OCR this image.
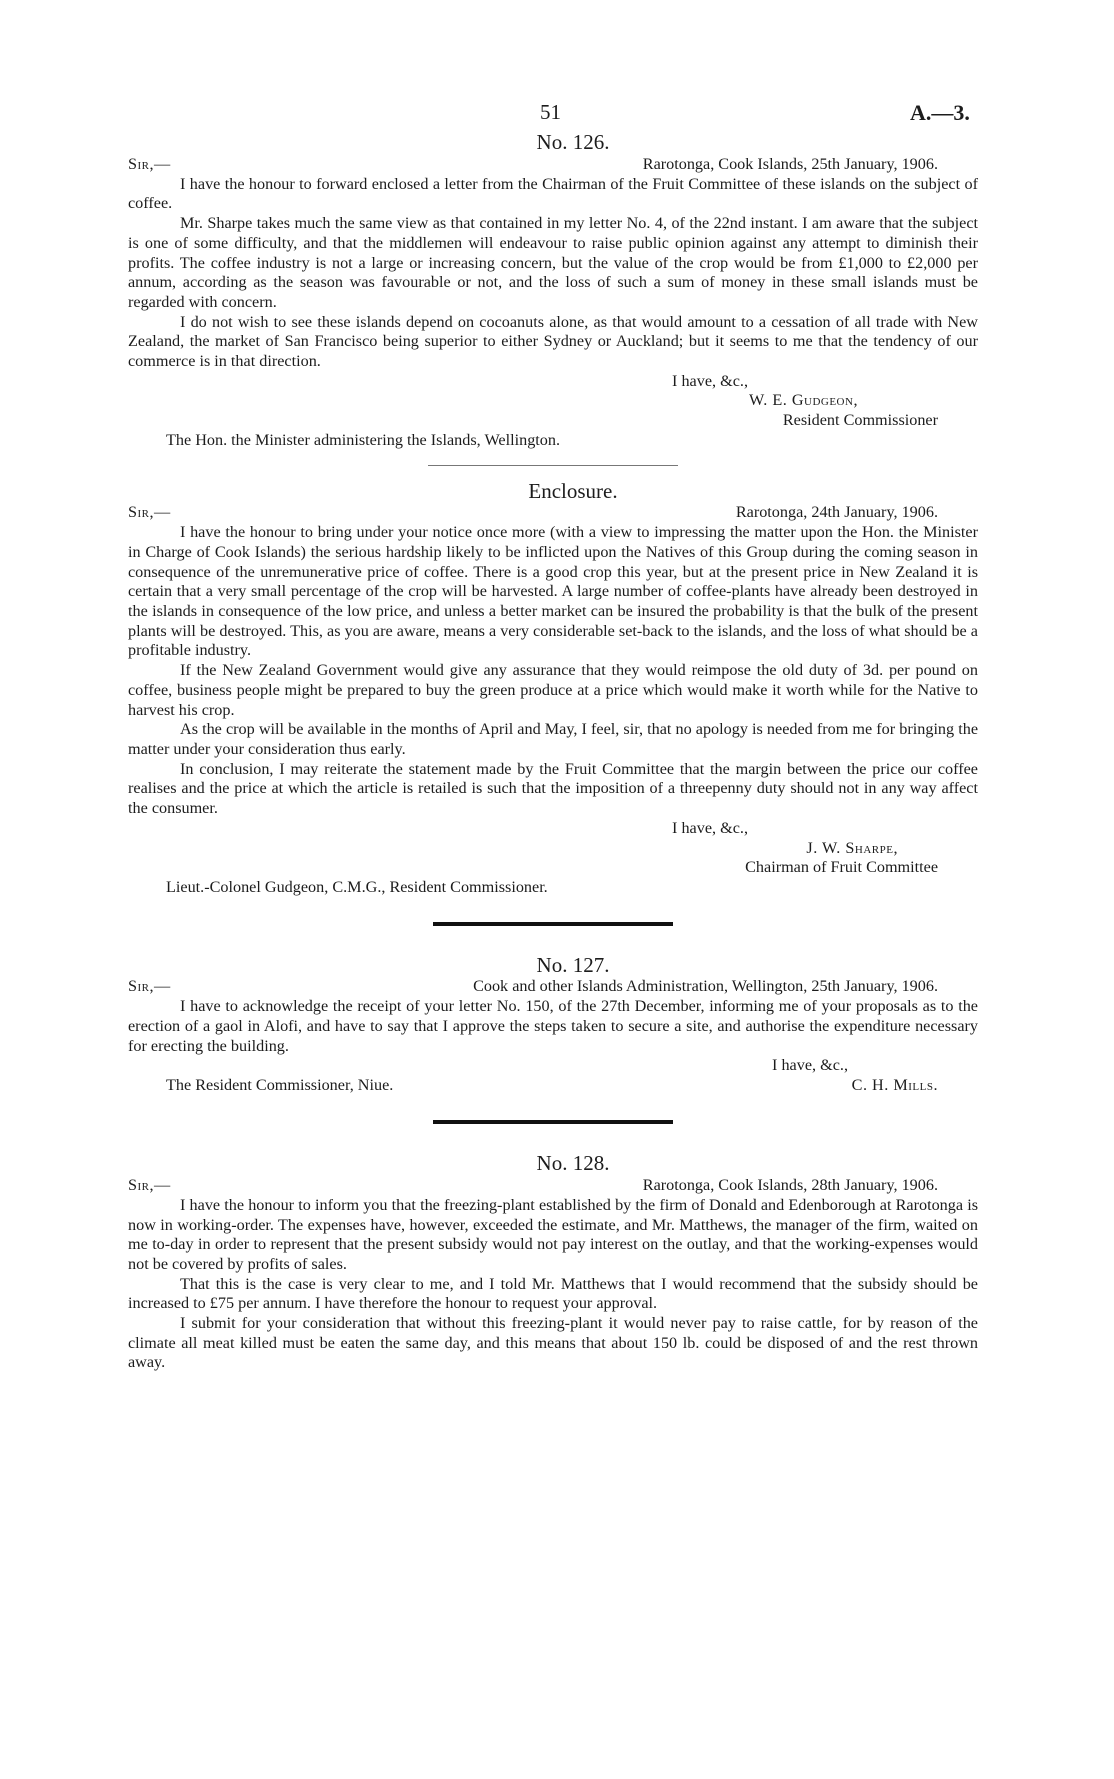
51	A.—3.
No. 126.
Sir,—	Rarotonga, Cook Islands, 25th January, 1906.

I have the honour to forward enclosed a letter from the Chairman of the Fruit Committee of these islands on the subject of coffee.

Mr. Sharpe takes much the same view as that contained in my letter No. 4, of the 22nd instant. I am aware that the subject is one of some difficulty, and that the middlemen will endeavour to raise public opinion against any attempt to diminish their profits. The coffee industry is not a large or increasing concern, but the value of the crop would be from £1,000 to £2,000 per annum, according as the season was favourable or not, and the loss of such a sum of money in these small islands must be regarded with concern.

I do not wish to see these islands depend on cocoanuts alone, as that would amount to a cessation of all trade with New Zealand, the market of San Francisco being superior to either Sydney or Auckland; but it seems to me that the tendency of our commerce is in that direction.

I have, &c.,
W. E. Gudgeon,
Resident Commissioner
The Hon. the Minister administering the Islands, Wellington.
Enclosure.
Sir,—	Rarotonga, 24th January, 1906.

I have the honour to bring under your notice once more (with a view to impressing the matter upon the Hon. the Minister in Charge of Cook Islands) the serious hardship likely to be inflicted upon the Natives of this Group during the coming season in consequence of the unremunerative price of coffee. There is a good crop this year, but at the present price in New Zealand it is certain that a very small percentage of the crop will be harvested. A large number of coffee-plants have already been destroyed in the islands in consequence of the low price, and unless a better market can be insured the probability is that the bulk of the present plants will be destroyed. This, as you are aware, means a very considerable set-back to the islands, and the loss of what should be a profitable industry.

If the New Zealand Government would give any assurance that they would reimpose the old duty of 3d. per pound on coffee, business people might be prepared to buy the green produce at a price which would make it worth while for the Native to harvest his crop.

As the crop will be available in the months of April and May, I feel, sir, that no apology is needed from me for bringing the matter under your consideration thus early.

In conclusion, I may reiterate the statement made by the Fruit Committee that the margin between the price our coffee realises and the price at which the article is retailed is such that the imposition of a threepenny duty should not in any way affect the consumer.

I have, &c.,
J. W. Sharpe,
Chairman of Fruit Committee
Lieut.-Colonel Gudgeon, C.M.G., Resident Commissioner.
No. 127.
Sir,—	Cook and other Islands Administration, Wellington, 25th January, 1906.

I have to acknowledge the receipt of your letter No. 150, of the 27th December, informing me of your proposals as to the erection of a gaol in Alofi, and have to say that I approve the steps taken to secure a site, and authorise the expenditure necessary for erecting the building.

I have, &c.,
The Resident Commissioner, Niue.	C. H. Mills.
No. 128.
Sir,—	Rarotonga, Cook Islands, 28th January, 1906.

I have the honour to inform you that the freezing-plant established by the firm of Donald and Edenborough at Rarotonga is now in working-order. The expenses have, however, exceeded the estimate, and Mr. Matthews, the manager of the firm, waited on me to-day in order to represent that the present subsidy would not pay interest on the outlay, and that the working-expenses would not be covered by profits of sales.

That this is the case is very clear to me, and I told Mr. Matthews that I would recommend that the subsidy should be increased to £75 per annum. I have therefore the honour to request your approval.

I submit for your consideration that without this freezing-plant it would never pay to raise cattle, for by reason of the climate all meat killed must be eaten the same day, and this means that about 150 lb. could be disposed of and the rest thrown away.
